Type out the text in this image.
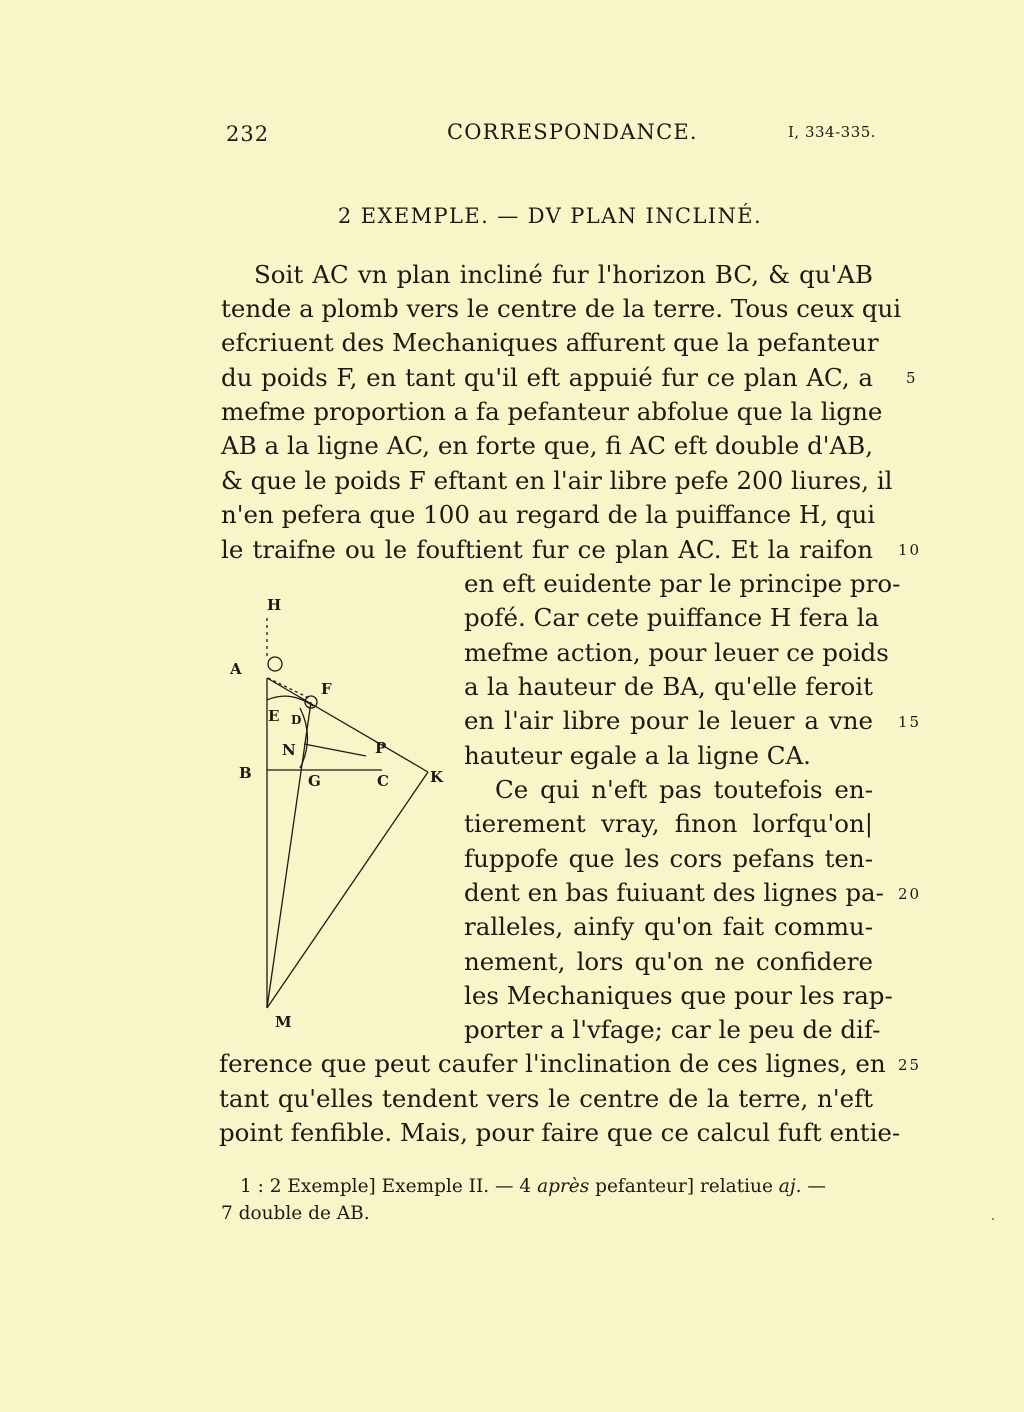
232	CORRESPONDANCE.	I, 334-335.
2 EXEMPLE. — DV PLAN INCLINÉ.
Soit AC vn plan incliné fur l'horizon BC, & qu'AB
tende a plomb vers le centre de la terre. Tous ceux qui
efcriuent des Mechaniques affurent que la pefanteur
du poids F, en tant qu'il eft appuié fur ce plan AC, a
mefme proportion a fa pefanteur abfolue que la ligne
AB a la ligne AC, en forte que, fi AC eft double d'AB,
& que le poids F eftant en l'air libre pefe 200 liures, il
n'en pefera que 100 au regard de la puiffance H, qui
le traifne ou le fouftient fur ce plan AC. Et la raifon
en eft euidente par le principe pro-
pofé. Car cete puiffance H fera la
mefme action, pour leuer ce poids
a la hauteur de BA, qu'elle feroit
en l'air libre pour le leuer a vne
hauteur egale a la ligne CA.
Ce qui n'eft pas toutefois en-
tierement vray, finon lorfqu'on|
fuppofe que les cors pefans ten-
dent en bas fuiuant des lignes pa-
ralleles, ainfy qu'on fait commu-
nement, lors qu'on ne confidere
les Mechaniques que pour les rap-
porter a l'vfage; car le peu de dif-
ference que peut caufer l'inclination de ces lignes, en
tant qu'elles tendent vers le centre de la terre, n'eft
point fenfible. Mais, pour faire que ce calcul fuft entie-
5
10
15
20
25
H
A
F
E D
N	P
B	G	C	K
M
1 : 2 Exemple] Exemple II. — 4 après pefanteur] relatiue aj. —
7 double de AB.
